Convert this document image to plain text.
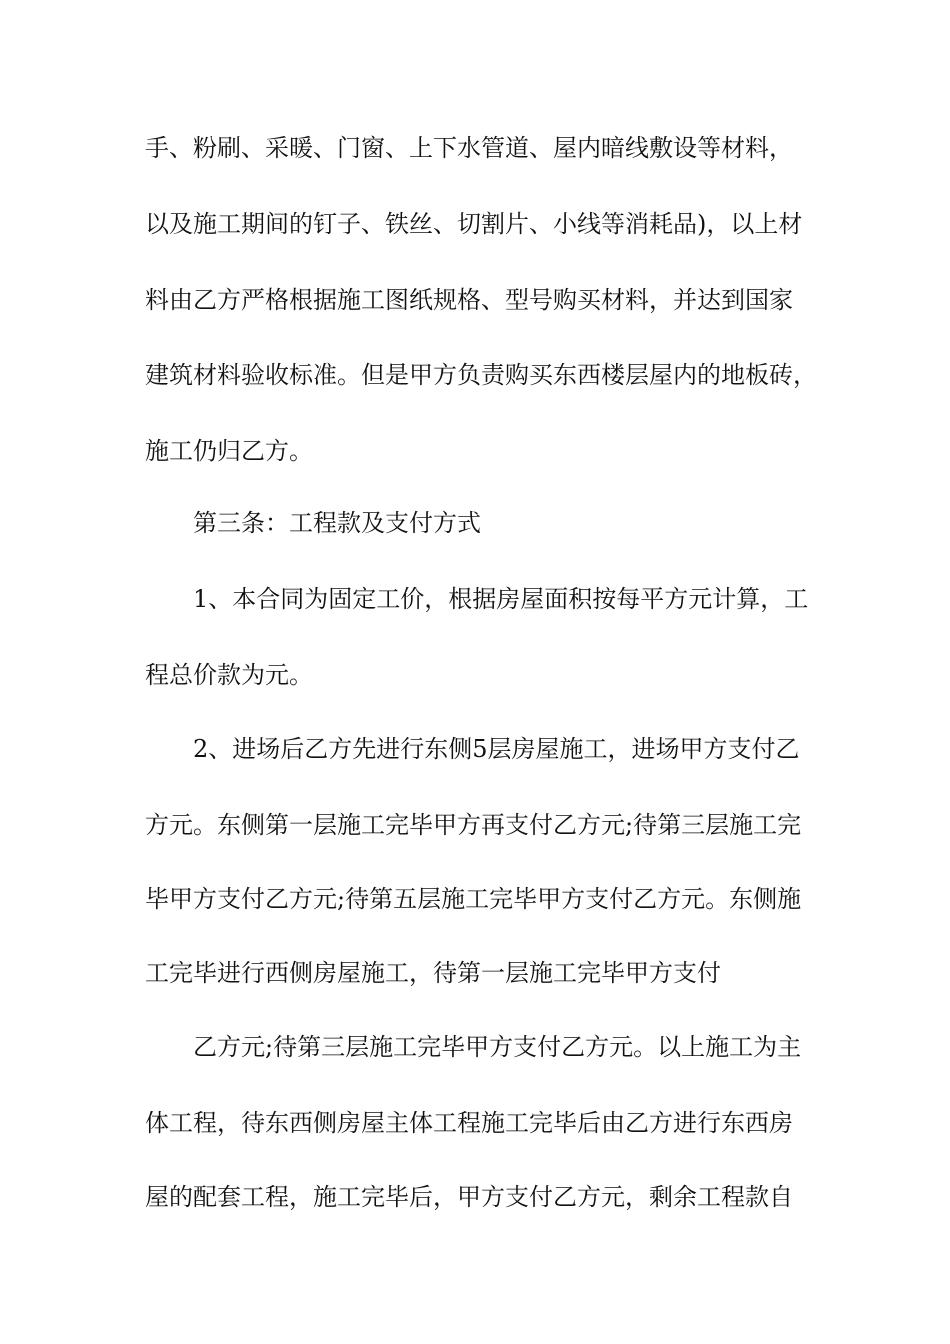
手、粉刷、采暖、门窗、上下水管道、屋内暗线敷设等材料，
以及施工期间的钉子、铁丝、切割片、小线等消耗品)，以上材
料由乙方严格根据施工图纸规格、型号购买材料，并达到国家
建筑材料验收标准。但是甲方负责购买东西楼层屋内的地板砖，
施工仍归乙方。
第三条：工程款及支付方式
1、本合同为固定工价，根据房屋面积按每平方元计算，工
程总价款为元。
2、进场后乙方先进行东侧5层房屋施工，进场甲方支付乙
方元。东侧第一层施工完毕甲方再支付乙方元;待第三层施工完
毕甲方支付乙方元;待第五层施工完毕甲方支付乙方元。东侧施
工完毕进行西侧房屋施工，待第一层施工完毕甲方支付
乙方元;待第三层施工完毕甲方支付乙方元。以上施工为主
体工程，待东西侧房屋主体工程施工完毕后由乙方进行东西房
屋的配套工程，施工完毕后，甲方支付乙方元，剩余工程款自
